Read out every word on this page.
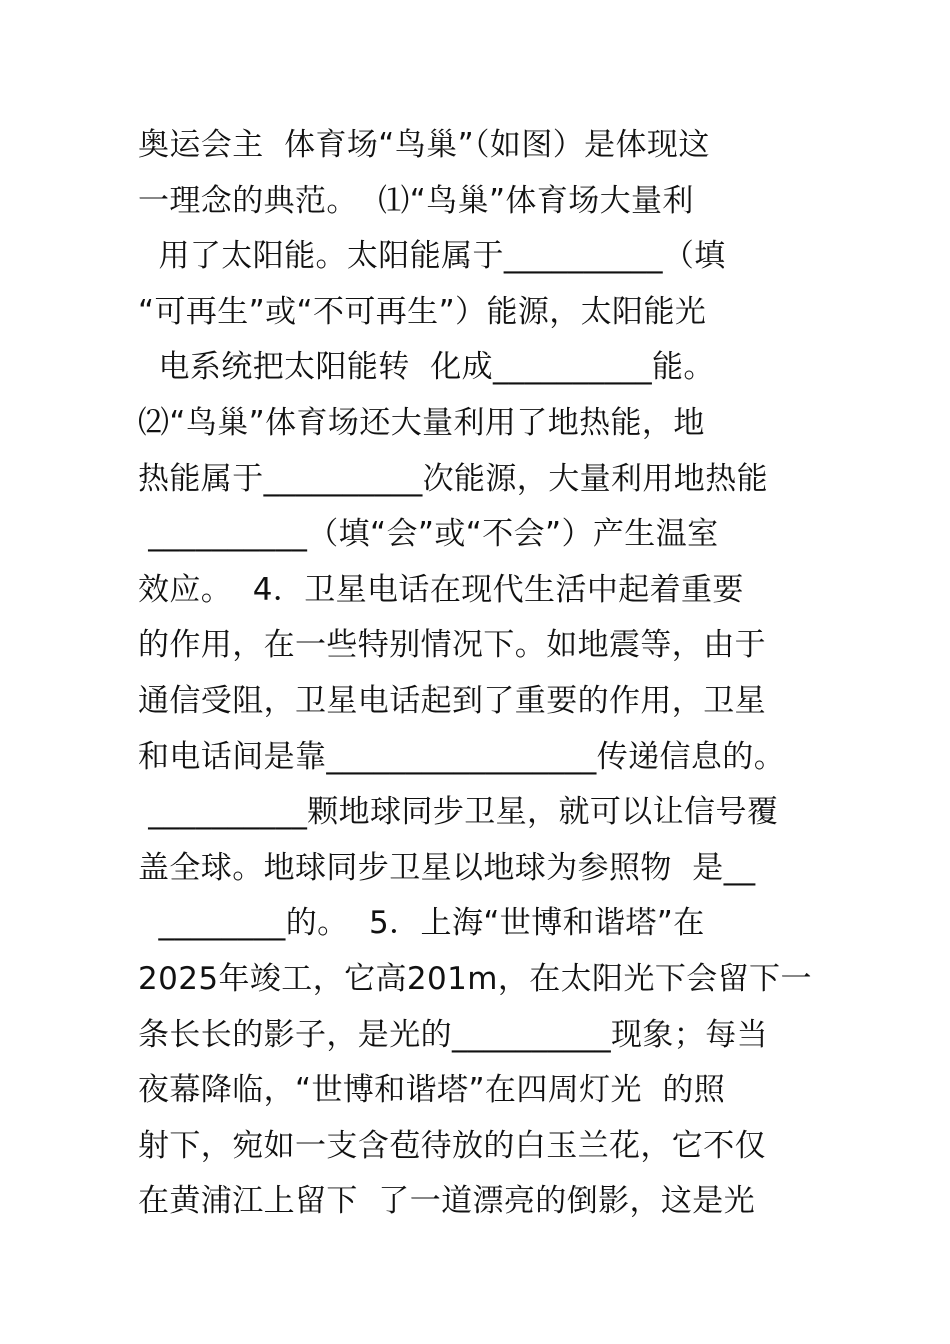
奥运会主  体育场“鸟巢”（如图）是体现这
一理念的典范。  ⑴“鸟巢”体育场大量利
用了太阳能。太阳能属于__________（填
“可再生”或“不可再生”）能源，太阳能光
电系统把太阳能转  化成__________能。
⑵“鸟巢”体育场还大量利用了地热能，地
热能属于__________次能源，大量利用地热能
__________（填“会”或“不会”）产生温室
效应。  4．卫星电话在现代生活中起着重要
的作用，在一些特别情况下。如地震等，由于
通信受阻，卫星电话起到了重要的作用，卫星
和电话间是靠_________________传递信息的。
__________颗地球同步卫星，就可以让信号覆
盖全球。地球同步卫星以地球为参照物  是__
________的。  5．上海“世博和谐塔”在
2025年竣工，它高201m，在太阳光下会留下一
条长长的影子，是光的__________现象；每当
夜幕降临，“世博和谐塔”在四周灯光  的照
射下，宛如一支含苞待放的白玉兰花，它不仅
在黄浦江上留下  了一道漂亮的倒影，这是光
